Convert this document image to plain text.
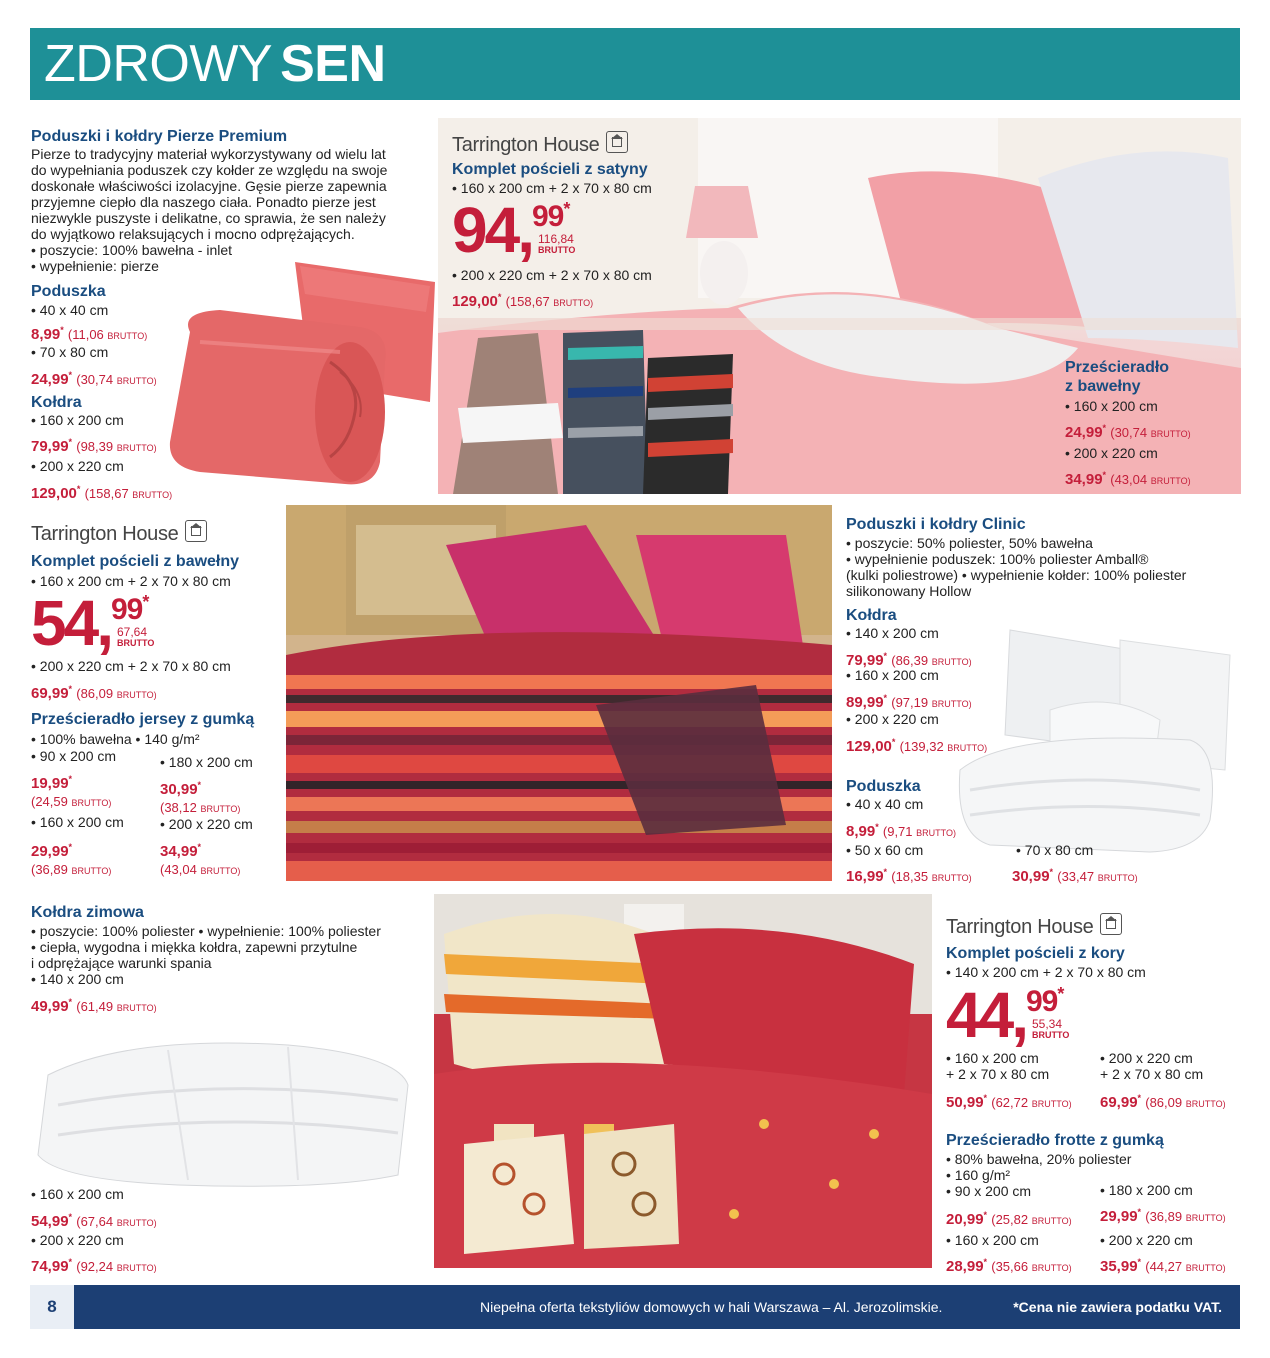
ZDROWY SEN
Poduszki i kołdry Pierze Premium
Pierze to tradycyjny materiał wykorzystywany od wielu lat
do wypełniania poduszek czy kołder ze względu na swoje
doskonałe właściwości izolacyjne. Gęsie pierze zapewnia
przyjemne ciepło dla naszego ciała. Ponadto pierze jest
niezwykle puszyste i delikatne, co sprawia, że sen należy
do wyjątkowo relaksujących i mocno odprężających.
• poszycie: 100% bawełna - inlet
• wypełnienie: pierze
Poduszka
• 40 x 40 cm
8,99* (11,06 BRUTTO)
• 70 x 80 cm
24,99* (30,74 BRUTTO)
Kołdra
• 160 x 200 cm
79,99* (98,39 BRUTTO)
• 200 x 220 cm
129,00* (158,67 BRUTTO)
Tarrington House
Komplet pościeli z satyny
• 160 x 200 cm + 2 x 70 x 80 cm
94, 99*
116,84
BRUTTO
• 200 x 220 cm + 2 x 70 x 80 cm
129,00* (158,67 BRUTTO)
Prześcieradło
z bawełny
• 160 x 200 cm
24,99* (30,74 BRUTTO)
• 200 x 220 cm
34,99* (43,04 BRUTTO)
Tarrington House
Komplet pościeli z bawełny
• 160 x 200 cm + 2 x 70 x 80 cm
54, 99*
67,64
BRUTTO
• 200 x 220 cm + 2 x 70 x 80 cm
69,99* (86,09 BRUTTO)
Prześcieradło jersey z gumką
• 100% bawełna • 140 g/m²
• 90 x 200 cm
19,99*
(24,59 BRUTTO)
• 180 x 200 cm
30,99*
(38,12 BRUTTO)
• 160 x 200 cm
29,99*
(36,89 BRUTTO)
• 200 x 220 cm
34,99*
(43,04 BRUTTO)
Poduszki i kołdry Clinic
• poszycie: 50% poliester, 50% bawełna
• wypełnienie poduszek: 100% poliester Amball®
(kulki poliestrowe) • wypełnienie kołder: 100% poliester
silikonowany Hollow
Kołdra
• 140 x 200 cm
79,99* (86,39 BRUTTO)
• 160 x 200 cm
89,99* (97,19 BRUTTO)
• 200 x 220 cm
129,00* (139,32 BRUTTO)
Poduszka
• 40 x 40 cm
8,99* (9,71 BRUTTO)
• 50 x 60 cm
16,99* (18,35 BRUTTO)
• 70 x 80 cm
30,99* (33,47 BRUTTO)
Kołdra zimowa
• poszycie: 100% poliester • wypełnienie: 100% poliester
• ciepła, wygodna i miękka kołdra, zapewni przytulne
i odprężające warunki spania
• 140 x 200 cm
49,99* (61,49 BRUTTO)
• 160 x 200 cm
54,99* (67,64 BRUTTO)
• 200 x 220 cm
74,99* (92,24 BRUTTO)
Tarrington House
Komplet pościeli z kory
• 140 x 200 cm + 2 x 70 x 80 cm
44, 99*
55,34
BRUTTO
• 160 x 200 cm
+ 2 x 70 x 80 cm
50,99* (62,72 BRUTTO)
• 200 x 220 cm
+ 2 x 70 x 80 cm
69,99* (86,09 BRUTTO)
Prześcieradło frotte z gumką
• 80% bawełna, 20% poliester
• 160 g/m²
• 90 x 200 cm
20,99* (25,82 BRUTTO)
• 180 x 200 cm
29,99* (36,89 BRUTTO)
• 160 x 200 cm
28,99* (35,66 BRUTTO)
• 200 x 220 cm
35,99* (44,27 BRUTTO)
8	Niepełna oferta tekstyliów domowych w hali Warszawa – Al. Jerozolimskie.	*Cena nie zawiera podatku VAT.
